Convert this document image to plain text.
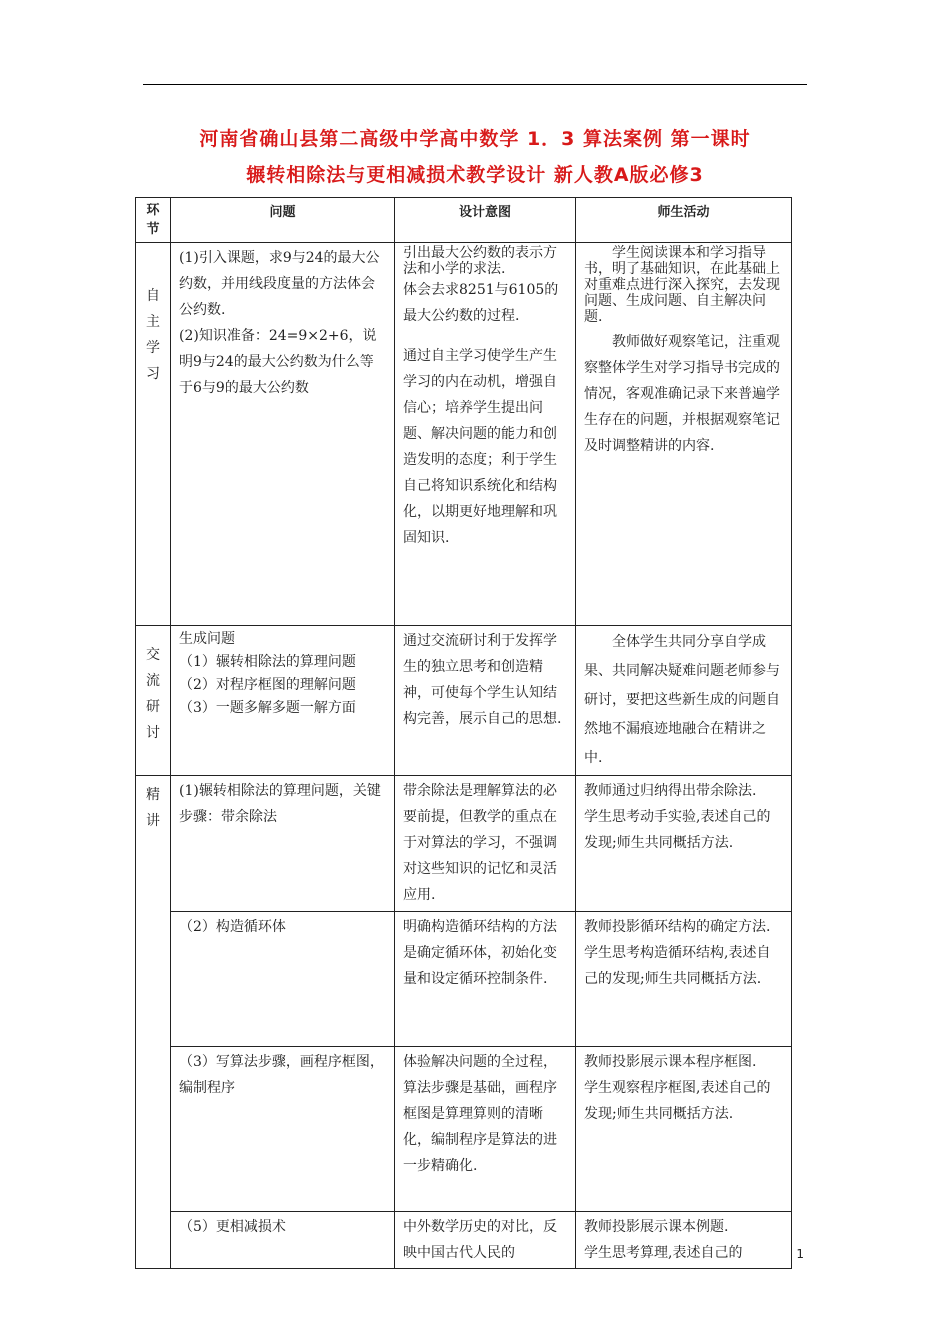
河南省确山县第二高级中学高中数学 1．3 算法案例 第一课时
辗转相除法与更相减损术教学设计 新人教A版必修3
环
节	问题	设计意图	师生活动

自
主
学
习	(1)引入课题，求9与24的最大公约数，并用线段度量的方法体会公约数.
(2)知识准备：24=9×2+6，说明9与24的最大公约数为什么等于6与9的最大公约数	引出最大公约数的表示方法和小学的求法.
体会去求8251与6105的最大公约数的过程.
通过自主学习使学生产生学习的内在动机，增强自信心；培养学生提出问题、解决问题的能力和创造发明的态度；利于学生自己将知识系统化和结构化，以期更好地理解和巩固知识.	学生阅读课本和学习指导书，明了基础知识，在此基础上对重难点进行深入探究，去发现问题、生成问题、自主解决问题.
教师做好观察笔记，注重观察整体学生对学习指导书完成的情况，客观准确记录下来普遍学生存在的问题，并根据观察笔记及时调整精讲的内容.

交
流
研
讨	生成问题
（1）辗转相除法的算理问题
（2）对程序框图的理解问题
（3）一题多解多题一解方面	通过交流研讨利于发挥学生的独立思考和创造精神，可使每个学生认知结构完善，展示自己的思想.	全体学生共同分享自学成果、共同解决疑难问题老师参与研讨，要把这些新生成的问题自然地不漏痕迹地融合在精讲之中.

精
讲	(1)辗转相除法的算理问题，关键步骤：带余除法	带余除法是理解算法的必要前提，但教学的重点在于对算法的学习，不强调对这些知识的记忆和灵活应用.	教师通过归纳得出带余除法.
学生思考动手实验,表述自己的发现;师生共同概括方法.

	（2）构造循环体	明确构造循环结构的方法是确定循环体，初始化变量和设定循环控制条件.	教师投影循环结构的确定方法.
学生思考构造循环结构,表述自己的发现;师生共同概括方法.

	（3）写算法步骤，画程序框图，编制程序	体验解决问题的全过程，算法步骤是基础，画程序框图是算理算则的清晰化，编制程序是算法的进一步精确化.	教师投影展示课本程序框图.
学生观察程序框图,表述自己的发现;师生共同概括方法.

	（5）更相减损术	中外数学历史的对比，反映中国古代人民的	教师投影展示课本例题.
学生思考算理,表述自己的	1
